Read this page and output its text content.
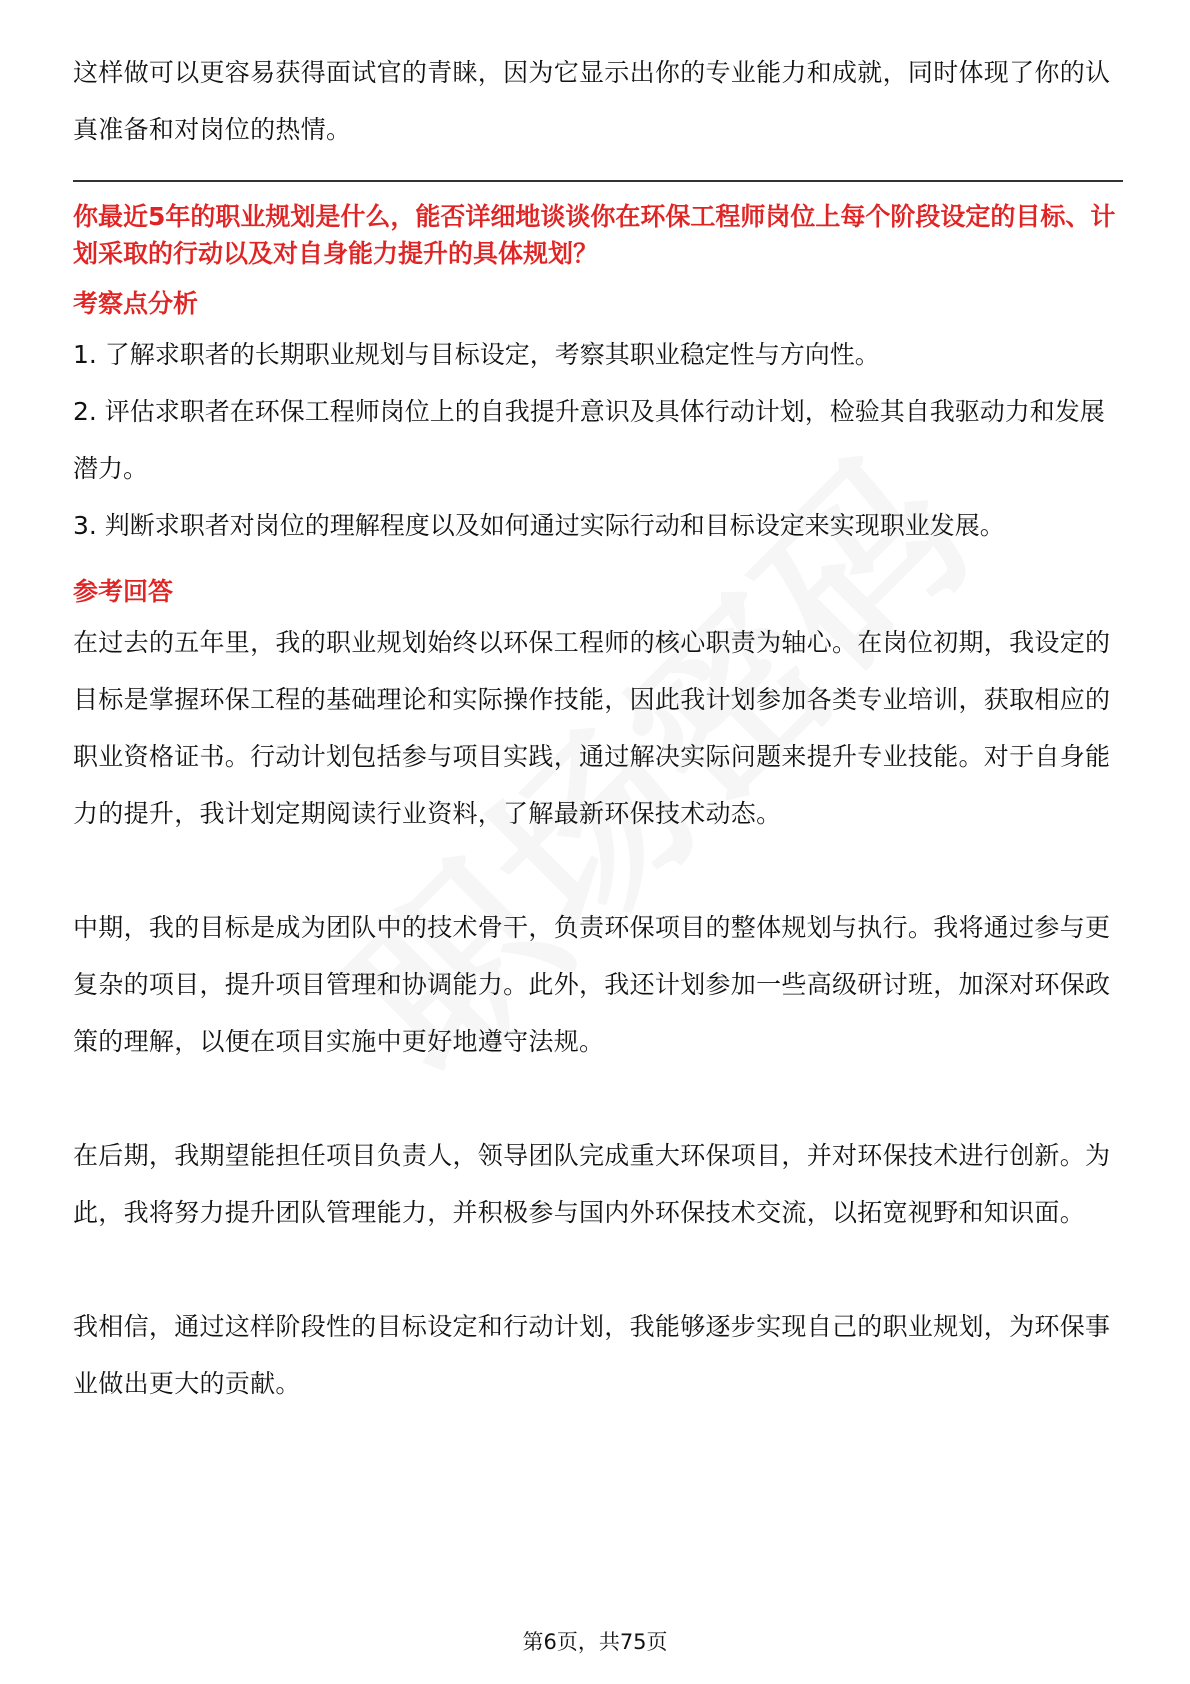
这样做可以更容易获得面试官的青睐，因为它显示出你的专业能力和成就，同时体现了你的认真准备和对岗位的热情。

你最近5年的职业规划是什么，能否详细地谈谈你在环保工程师岗位上每个阶段设定的目标、计划采取的行动以及对自身能力提升的具体规划？

考察点分析

1. 了解求职者的长期职业规划与目标设定，考察其职业稳定性与方向性。

2. 评估求职者在环保工程师岗位上的自我提升意识及具体行动计划，检验其自我驱动力和发展潜力。

3. 判断求职者对岗位的理解程度以及如何通过实际行动和目标设定来实现职业发展。

参考回答

在过去的五年里，我的职业规划始终以环保工程师的核心职责为轴心。在岗位初期，我设定的目标是掌握环保工程的基础理论和实际操作技能，因此我计划参加各类专业培训，获取相应的职业资格证书。行动计划包括参与项目实践，通过解决实际问题来提升专业技能。对于自身能力的提升，我计划定期阅读行业资料，了解最新环保技术动态。

中期，我的目标是成为团队中的技术骨干，负责环保项目的整体规划与执行。我将通过参与更复杂的项目，提升项目管理和协调能力。此外，我还计划参加一些高级研讨班，加深对环保政策的理解，以便在项目实施中更好地遵守法规。

在后期，我期望能担任项目负责人，领导团队完成重大环保项目，并对环保技术进行创新。为此，我将努力提升团队管理能力，并积极参与国内外环保技术交流，以拓宽视野和知识面。

我相信，通过这样阶段性的目标设定和行动计划，我能够逐步实现自己的职业规划，为环保事业做出更大的贡献。

第6页，共75页
